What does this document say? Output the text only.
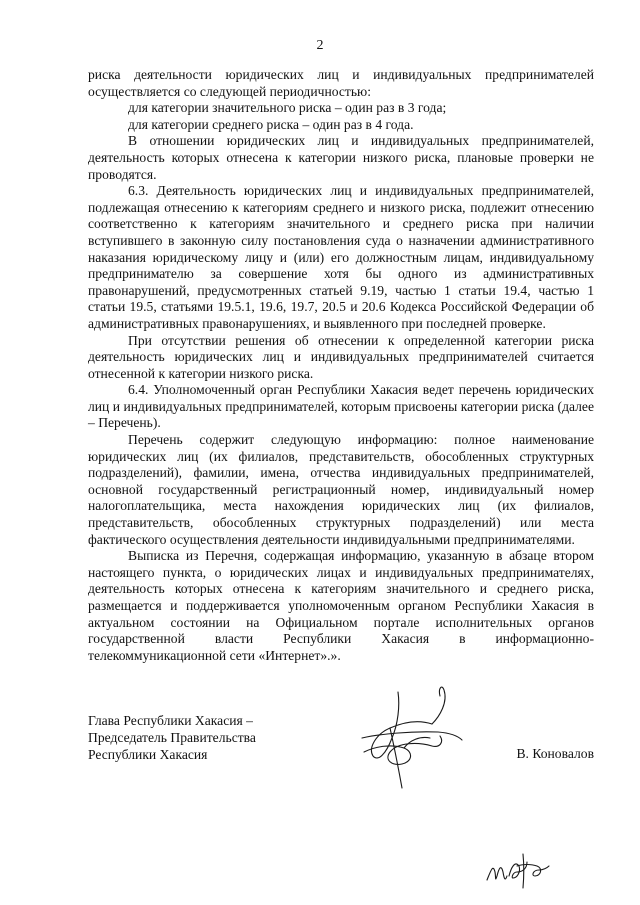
2

риска деятельности юридических лиц и индивидуальных предпринимателей осуществляется со следующей периодичностью:

для категории значительного риска – один раз в 3 года;

для категории среднего риска – один раз в 4 года.

В отношении юридических лиц и индивидуальных предпринимателей, деятельность которых отнесена к категории низкого риска, плановые проверки не проводятся.

6.3. Деятельность юридических лиц и индивидуальных предпринимателей, подлежащая отнесению к категориям среднего и низкого риска, подлежит отнесению соответственно к категориям значительного и среднего риска при наличии вступившего в законную силу постановления суда о назначении административного наказания юридическому лицу и (или) его должностным лицам, индивидуальному предпринимателю за совершение хотя бы одного из административных правонарушений, предусмотренных статьей 9.19, частью 1 статьи 19.4, частью 1 статьи 19.5, статьями 19.5.1, 19.6, 19.7, 20.5 и 20.6 Кодекса Российской Федерации об административных правонарушениях, и выявленного при последней проверке.

При отсутствии решения об отнесении к определенной категории риска деятельность юридических лиц и индивидуальных предпринимателей считается отнесенной к категории низкого риска.

6.4. Уполномоченный орган Республики Хакасия ведет перечень юридических лиц и индивидуальных предпринимателей, которым присвоены категории риска (далее – Перечень).

Перечень содержит следующую информацию: полное наименование юридических лиц (их филиалов, представительств, обособленных структурных подразделений), фамилии, имена, отчества индивидуальных предпринимателей, основной государственный регистрационный номер, индивидуальный номер налогоплательщика, места нахождения юридических лиц (их филиалов, представительств, обособленных структурных подразделений) или места фактического осуществления деятельности индивидуальными предпринимателями.

Выписка из Перечня, содержащая информацию, указанную в абзаце втором настоящего пункта, о юридических лицах и индивидуальных предпринимателях, деятельность которых отнесена к категориям значительного и среднего риска, размещается и поддерживается уполномоченным органом Республики Хакасия в актуальном состоянии на Официальном портале исполнительных органов государственной власти Республики Хакасия в информационно-телекоммуникационной сети «Интернет».».

Глава Республики Хакасия –
Председатель Правительства
Республики Хакасия	В. Коновалов
